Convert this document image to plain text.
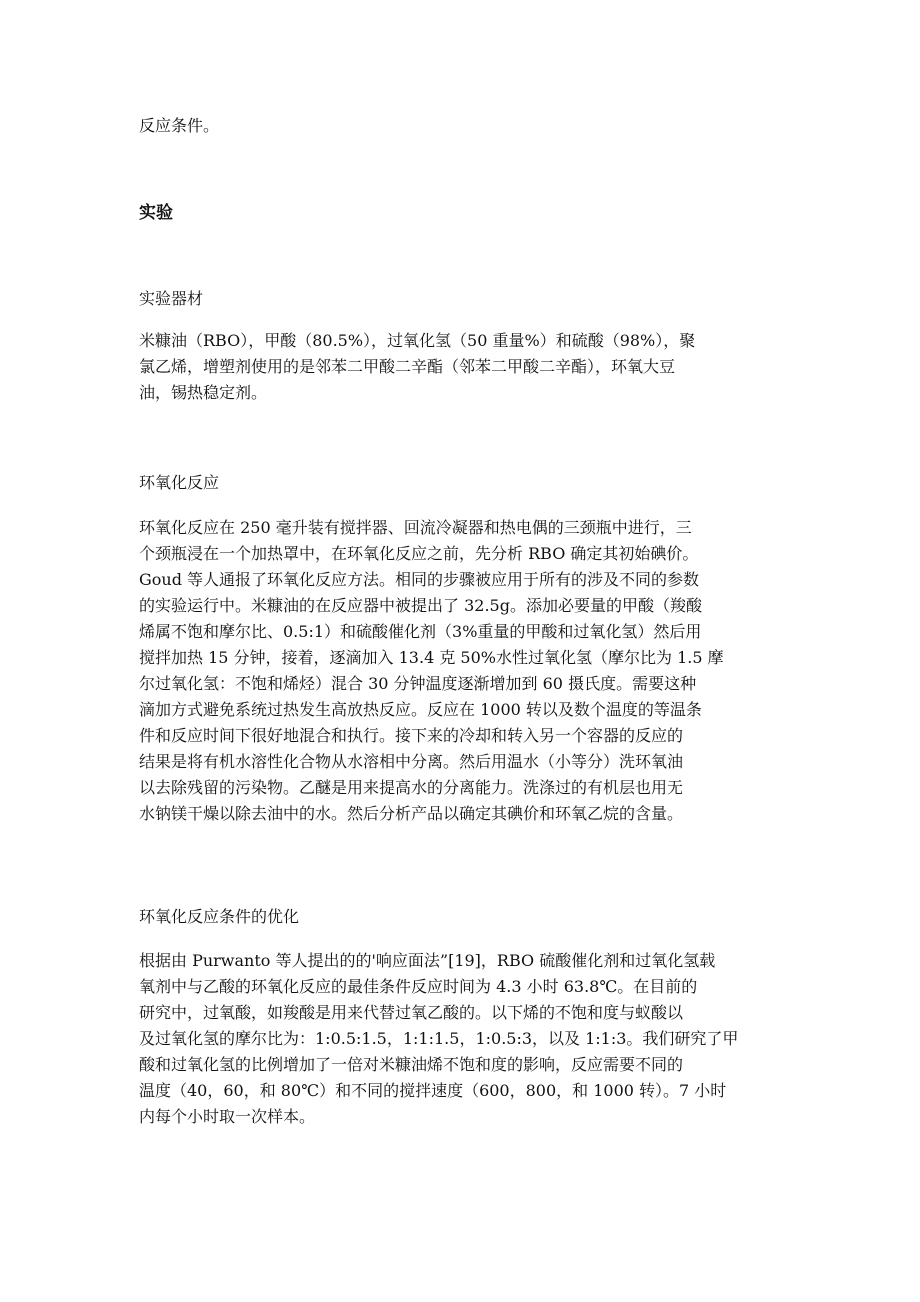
反应条件。

实验

实验器材

米糠油（RBO），甲酸（80.5%），过氧化氢（50 重量%）和硫酸（98%），聚
氯乙烯，增塑剂使用的是邻苯二甲酸二辛酯（邻苯二甲酸二辛酯），环氧大豆
油，锡热稳定剂。

环氧化反应

环氧化反应在 250 毫升装有搅拌器、回流冷凝器和热电偶的三颈瓶中进行，三
个颈瓶浸在一个加热罩中，在环氧化反应之前，先分析 RBO 确定其初始碘价。
Goud 等人通报了环氧化反应方法。相同的步骤被应用于所有的涉及不同的参数
的实验运行中。米糠油的在反应器中被提出了 32.5g。添加必要量的甲酸（羧酸
烯属不饱和摩尔比、0.5:1）和硫酸催化剂（3%重量的甲酸和过氧化氢）然后用
搅拌加热 15 分钟，接着，逐滴加入 13.4 克 50%水性过氧化氢（摩尔比为 1.5 摩
尔过氧化氢：不饱和烯烃）混合 30 分钟温度逐渐增加到 60 摄氏度。需要这种
滴加方式避免系统过热发生高放热反应。反应在 1000 转以及数个温度的等温条
件和反应时间下很好地混合和执行。接下来的冷却和转入另一个容器的反应的
结果是将有机水溶性化合物从水溶相中分离。然后用温水（小等分）洗环氧油
以去除残留的污染物。乙醚是用来提高水的分离能力。洗涤过的有机层也用无
水钠镁干燥以除去油中的水。然后分析产品以确定其碘价和环氧乙烷的含量。

环氧化反应条件的优化

根据由 Purwanto 等人提出的的'响应面法”[19]，RBO 硫酸催化剂和过氧化氢载
氧剂中与乙酸的环氧化反应的最佳条件反应时间为 4.3 小时 63.8℃。在目前的
研究中，过氧酸，如羧酸是用来代替过氧乙酸的。以下烯的不饱和度与蚁酸以
及过氧化氢的摩尔比为：1:0.5:1.5，1:1:1.5，1:0.5:3，以及 1:1:3。我们研究了甲
酸和过氧化氢的比例增加了一倍对米糠油烯不饱和度的影响，反应需要不同的
温度（40，60，和 80℃）和不同的搅拌速度（600，800，和 1000 转）。7 小时
内每个小时取一次样本。
